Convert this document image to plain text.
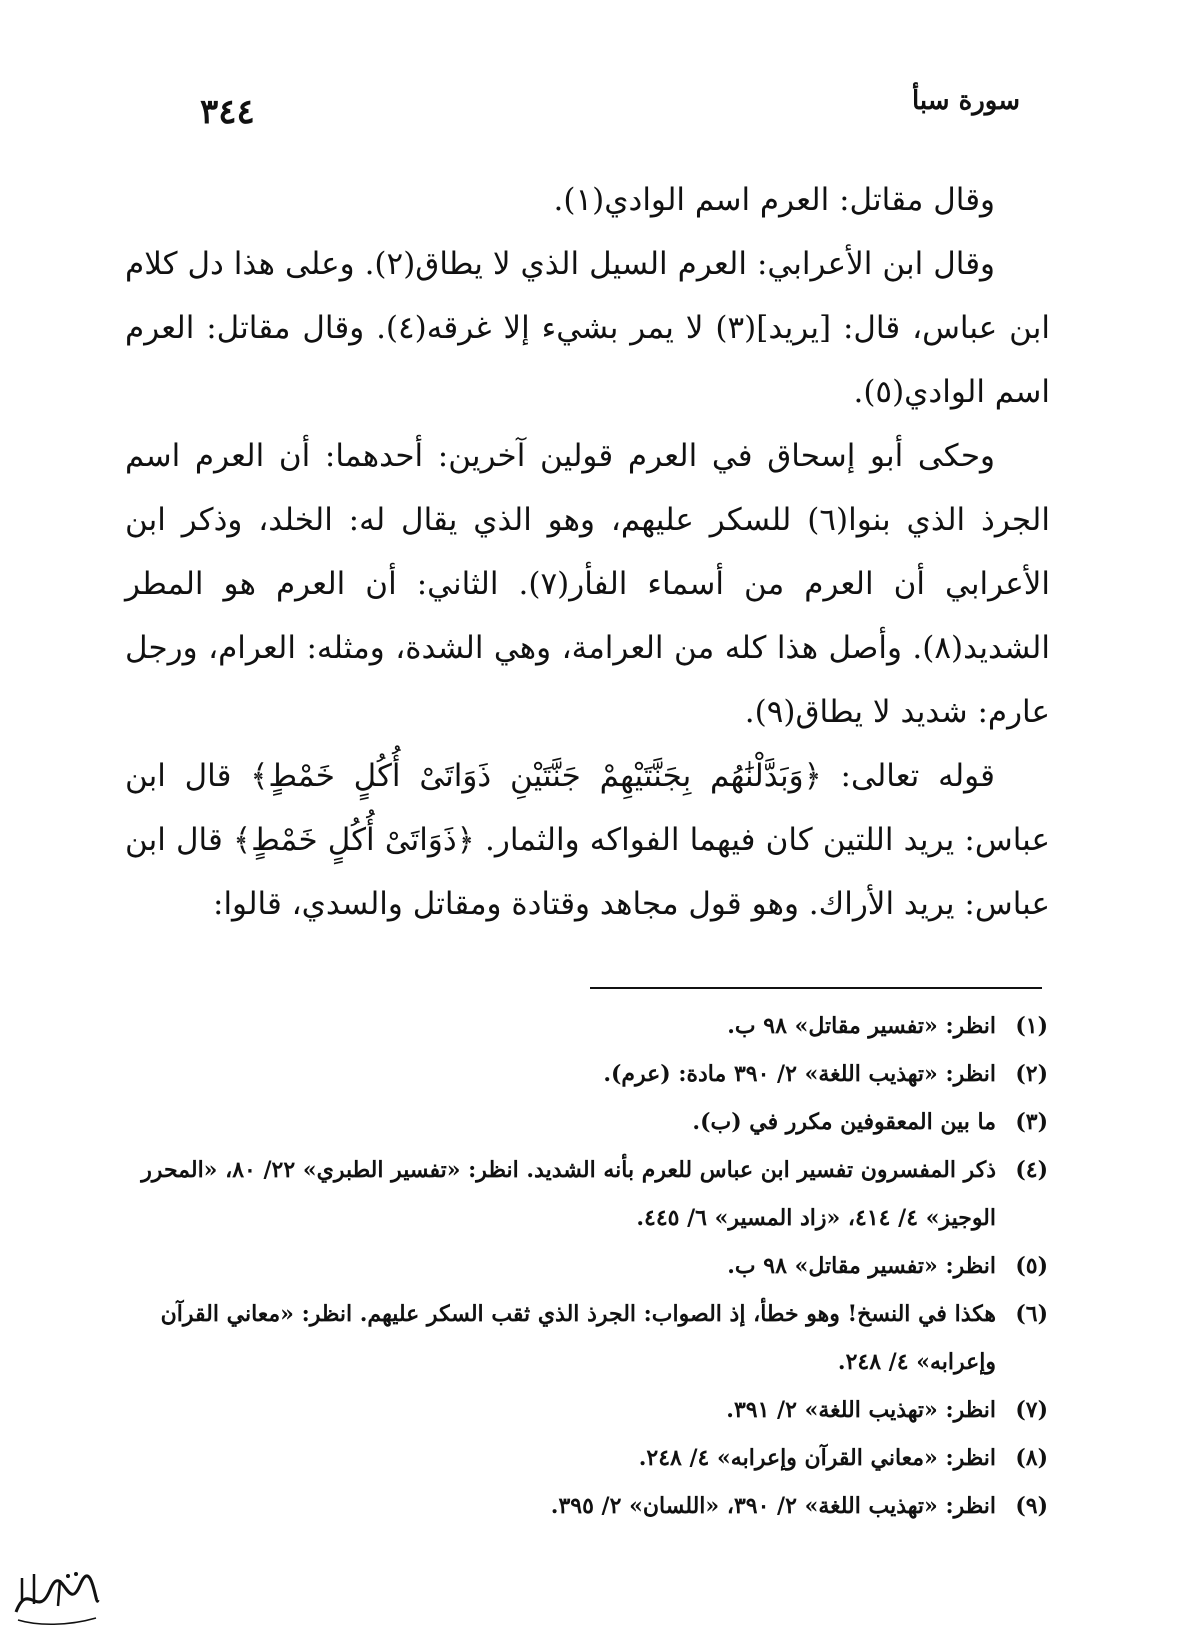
٣٤٤	سورة سبأ

وقال مقاتل: العرم اسم الوادي(١).

وقال ابن الأعرابي: العرم السيل الذي لا يطاق(٢). وعلى هذا دل كلام ابن عباس، قال: [يريد](٣) لا يمر بشيء إلا غرقه(٤). وقال مقاتل: العرم اسم الوادي(٥).

وحكى أبو إسحاق في العرم قولين آخرين: أحدهما: أن العرم اسم الجرذ الذي بنوا(٦) للسكر عليهم، وهو الذي يقال له: الخلد، وذكر ابن الأعرابي أن العرم من أسماء الفأر(٧). الثاني: أن العرم هو المطر الشديد(٨). وأصل هذا كله من العرامة، وهي الشدة، ومثله: العرام، ورجل عارم: شديد لا يطاق(٩).

قوله تعالى: ﴿وَبَدَّلْنَٰهُم بِجَنَّتَيْهِمْ جَنَّتَيْنِ ذَوَاتَىْ أُكُلٍ خَمْطٍ﴾ قال ابن عباس: يريد اللتين كان فيهما الفواكه والثمار. ﴿ذَوَاتَىْ أُكُلٍ خَمْطٍ﴾ قال ابن عباس: يريد الأراك. وهو قول مجاهد وقتادة ومقاتل والسدي، قالوا:

(١)
انظر: «تفسير مقاتل» ٩٨ ب.
(٢)
انظر: «تهذيب اللغة» ٢/ ٣٩٠ مادة: (عرم).
(٣)
ما بين المعقوفين مكرر في (ب).
(٤)
ذكر المفسرون تفسير ابن عباس للعرم بأنه الشديد. انظر: «تفسير الطبري» ٢٢/ ٨٠، «المحرر الوجيز» ٤/ ٤١٤، «زاد المسير» ٦/ ٤٤٥.
(٥)
انظر: «تفسير مقاتل» ٩٨ ب.
(٦)
هكذا في النسخ! وهو خطأ، إذ الصواب: الجرذ الذي ثقب السكر عليهم. انظر: «معاني القرآن وإعرابه» ٤/ ٢٤٨.
(٧)
انظر: «تهذيب اللغة» ٢/ ٣٩١.
(٨)
انظر: «معاني القرآن وإعرابه» ٤/ ٢٤٨.
(٩)
انظر: «تهذيب اللغة» ٢/ ٣٩٠، «اللسان» ٢/ ٣٩٥.
